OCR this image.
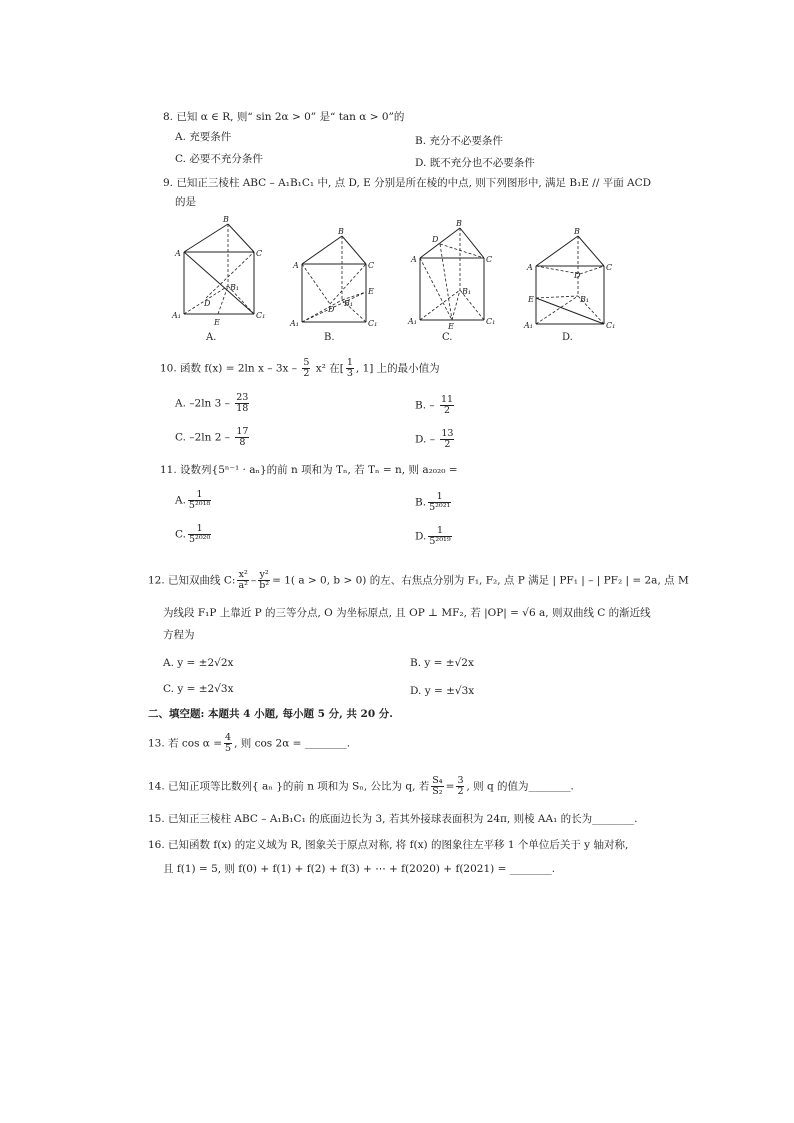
8. 已知 α ∈ R, 则“ sin 2α > 0” 是“ tan α > 0”的
A. 充要条件	B. 充分不必要条件
C. 必要不充分条件	D. 既不充分也不必要条件
9. 已知正三棱柱 ABC – A₁B₁C₁ 中, 点 D, E 分别是所在棱的中点, 则下列图形中, 满足 B₁E // 平面 ACD
的是
B
A	C
B₁
D
A₁	C₁
E
A.
B
A	C
E
B₁
D
A₁	C₁
B.
B
A	C
D
B₁
A₁	C₁
E
C.
B
A	C
D
E	B₁
A₁	C₁
D.
10. 函数 f(x) = 2ln x – $3x - \frac{5}{2} x^2$ 在[ $\frac{1}{3}$ , 1] 上的最小值为
A. –2ln $3 - \frac{23}{18}$	B. – $\frac{11}{2}$
C. –2ln $2 - \frac{17}{8}$	D. – $\frac{13}{2}$
11. 设数列{5ⁿ⁻¹ · aₙ}的前 n 项和为 Tₙ, 若 Tₙ = n, 则 a₂₀₂₀ =
A. $\frac{1}{\text{5²⁰¹⁸}}$	B. $\frac{1}{\text{5²⁰²¹}}$
C. $\frac{1}{\text{5²⁰²⁰}}$	D. $\frac{1}{\text{5²⁰¹⁹}}$
12. 已知双曲线 C: $\frac{\text{x²}}{\text{a²}} - \frac{\text{y²}}{\text{b²}} = 1$( a > 0, b > 0) 的左、右焦点分别为 F₁, F₂, 点 P 满足 | PF₁ | – | PF₂ | = 2a, 点 M
为线段 F₁P 上靠近 P 的三等分点, O 为坐标原点, 且 OP ⊥ MF₂, 若 |OP| = √6 a, 则双曲线 C 的渐近线
方程为
A. y = ±2√2x	B. y = ±√2x
C. y = ±2√3x	D. y = ±√3x
二、填空题: 本题共 4 小题, 每小题 5 分, 共 20 分.
13. 若 $\cos \alpha = \frac{4}{5}$ , 则 cos 2α = ________.
14. 已知正项等比数列{ aₙ }的前 n 项和为 Sₙ, 公比为 q, 若 $\frac{\text{S₄}}{\text{S₂}} = \frac{3}{2}$ , 则 q 的值为________.
15. 已知正三棱柱 ABC – A₁B₁C₁ 的底面边长为 3, 若其外接球表面积为 24π, 则棱 AA₁ 的长为________.
16. 已知函数 f(x) 的定义域为 R, 图象关于原点对称, 将 f(x) 的图象往左平移 1 个单位后关于 y 轴对称,
且 f(1) = 5, 则 f(0) + f(1) + f(2) + f(3) + ⋯ + f(2020) + f(2021) = ________.
